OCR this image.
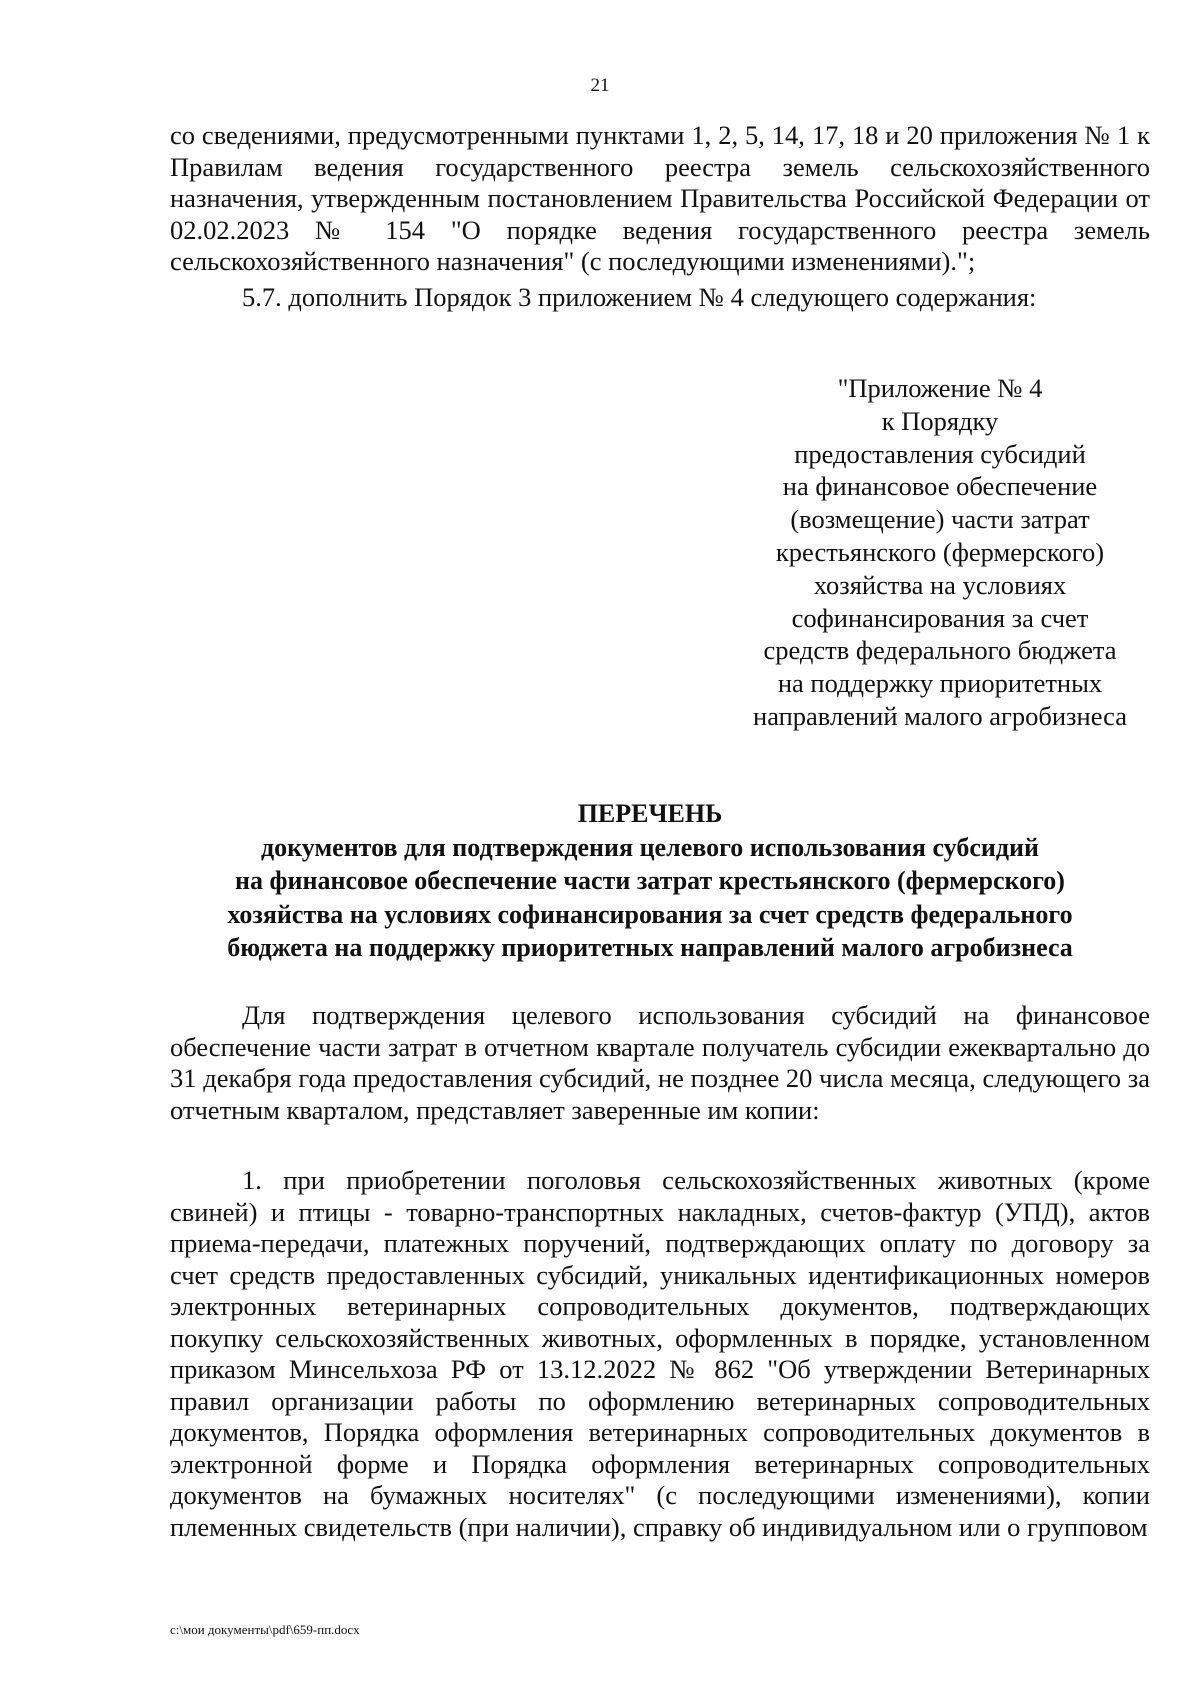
21

со сведениями, предусмотренными пунктами 1, 2, 5, 14, 17, 18 и 20 приложения № 1 к Правилам ведения государственного реестра земель сельскохозяйственного назначения, утвержденным постановлением Правительства Российской Федерации от 02.02.2023 № 154 "О порядке ведения государственного реестра земель сельскохозяйственного назначения" (с последующими изменениями).";

5.7. дополнить Порядок 3 приложением № 4 следующего содержания:

"Приложение № 4
к Порядку
предоставления субсидий
на финансовое обеспечение
(возмещение) части затрат
крестьянского (фермерского)
хозяйства на условиях
софинансирования за счет
средств федерального бюджета
на поддержку приоритетных
направлений малого агробизнеса
ПЕРЕЧЕНЬ
документов для подтверждения целевого использования субсидий
на финансовое обеспечение части затрат крестьянского (фермерского)
хозяйства на условиях софинансирования за счет средств федерального
бюджета на поддержку приоритетных направлений малого агробизнеса

Для подтверждения целевого использования субсидий на финансовое обеспечение части затрат в отчетном квартале получатель субсидии ежеквартально до 31 декабря года предоставления субсидий, не позднее 20 числа месяца, следующего за отчетным кварталом, представляет заверенные им копии:

1. при приобретении поголовья сельскохозяйственных животных (кроме свиней) и птицы - товарно-транспортных накладных, счетов-фактур (УПД), актов приема-передачи, платежных поручений, подтверждающих оплату по договору за счет средств предоставленных субсидий, уникальных идентификационных номеров электронных ветеринарных сопроводительных документов, подтверждающих покупку сельскохозяйственных животных, оформленных в порядке, установленном приказом Минсельхоза РФ от 13.12.2022 № 862 "Об утверждении Ветеринарных правил организации работы по оформлению ветеринарных сопроводительных документов, Порядка оформления ветеринарных сопроводительных документов в электронной форме и Порядка оформления ветеринарных сопроводительных документов на бумажных носителях" (с последующими изменениями), копии племенных свидетельств (при наличии), справку об индивидуальном или о групповом

c:\мои документы\pdf\659-пп.docx
